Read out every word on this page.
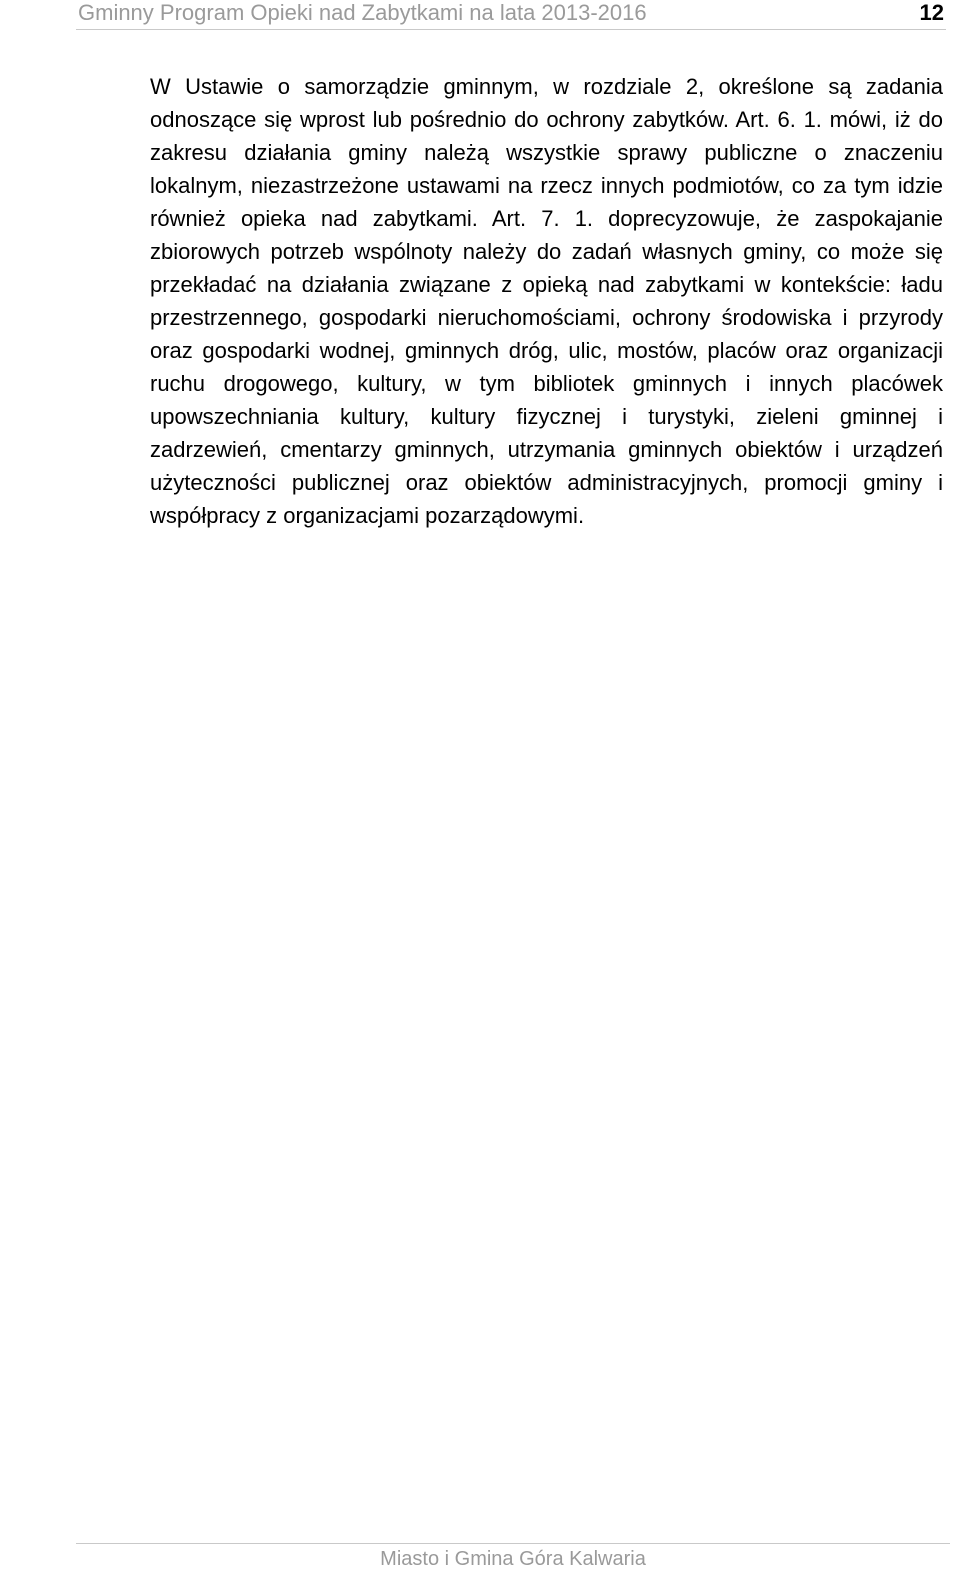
Gminny Program Opieki nad Zabytkami na lata 2013-2016	12

W Ustawie o samorządzie gminnym, w rozdziale 2, określone są zadania odnoszące się wprost lub pośrednio do ochrony zabytków. Art. 6. 1. mówi, iż do zakresu działania gminy należą wszystkie sprawy publiczne o znaczeniu lokalnym, niezastrzeżone ustawami na rzecz innych podmiotów, co za tym idzie również opieka nad zabytkami. Art. 7. 1. doprecyzowuje, że zaspokajanie zbiorowych potrzeb wspólnoty należy do zadań własnych gminy, co może się przekładać na działania związane z opieką nad zabytkami w kontekście: ładu przestrzennego, gospodarki nieruchomościami, ochrony środowiska i przyrody oraz gospodarki wodnej, gminnych dróg, ulic, mostów, placów oraz organizacji ruchu drogowego, kultury, w tym bibliotek gminnych i innych placówek upowszechniania kultury, kultury fizycznej i turystyki, zieleni gminnej i zadrzewień, cmentarzy gminnych, utrzymania gminnych obiektów i urządzeń użyteczności publicznej oraz obiektów administracyjnych, promocji gminy i współpracy z organizacjami pozarządowymi.

Miasto i Gmina Góra Kalwaria
